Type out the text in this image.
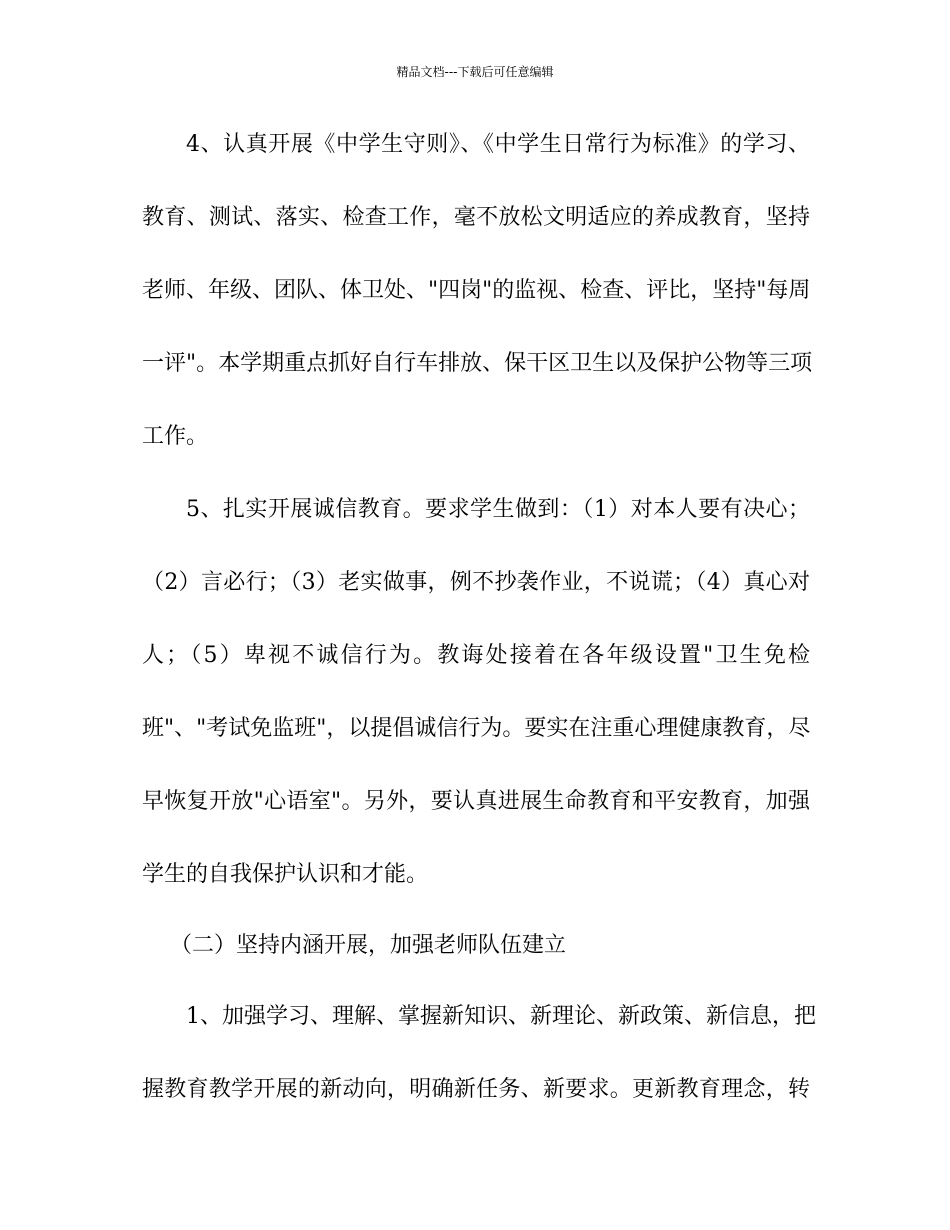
精品文档---下载后可任意编辑
4、认真开展《中学生守则》、《中学生日常行为标准》的学习、
教育、测试、落实、检查工作，毫不放松文明适应的养成教育，坚持
老师、年级、团队、体卫处、"四岗"的监视、检查、评比，坚持"每周
一评"。本学期重点抓好自行车排放、保干区卫生以及保护公物等三项
工作。
5、扎实开展诚信教育。要求学生做到：（1）对本人要有决心；
（2）言必行；（3）老实做事，例不抄袭作业，不说谎；（4）真心对
人；（5）卑视不诚信行为。教诲处接着在各年级设置"卫生免检
班"、"考试免监班"，以提倡诚信行为。要实在注重心理健康教育，尽
早恢复开放"心语室"。另外，要认真进展生命教育和平安教育，加强
学生的自我保护认识和才能。
（二）坚持内涵开展，加强老师队伍建立
1、加强学习、理解、掌握新知识、新理论、新政策、新信息，把
握教育教学开展的新动向，明确新任务、新要求。更新教育理念，转
